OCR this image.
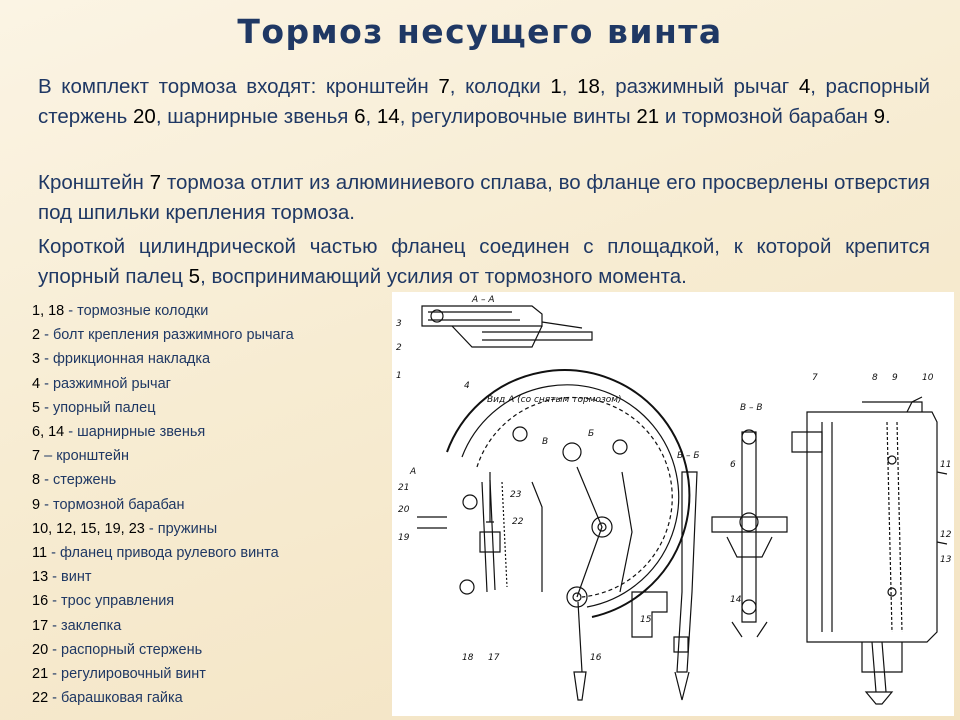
Тормоз несущего винта
В комплект тормоза входят: кронштейн 7, колодки 1, 18, разжимный рычаг 4, распорный стержень 20, шарнирные звенья 6, 14, регулировочные винты 21 и тормозной барабан 9.
Кронштейн 7 тормоза отлит из алюминиевого сплава, во фланце его просверлены отверстия под шпильки крепления тормоза.
Короткой цилиндрической частью фланец соединен с площадкой, к которой крепится упорный палец 5, воспринимающий усилия от тормозного момента.
1, 18 - тормозные колодки
2 - болт крепления разжимного рычага
3 - фрикционная накладка
4 - разжимной рычаг
5 - упорный палец
6, 14 - шарнирные звенья
7 – кронштейн
8 - стержень
9 - тормозной барабан
10, 12, 15, 19, 23 - пружины
11 - фланец привода рулевого винта
13 - винт
16 - трос управления
17 - заклепка
20 - распорный стержень
21 - регулировочный винт
22 - барашковая гайка
А – А
Вид А (со снятым тормозом)
В – В
Б – Б
3
2
1
4
21
20
19
22
23
18 17	16
15
14
6
7	8 9	10
11
12
13
А
Б
В
